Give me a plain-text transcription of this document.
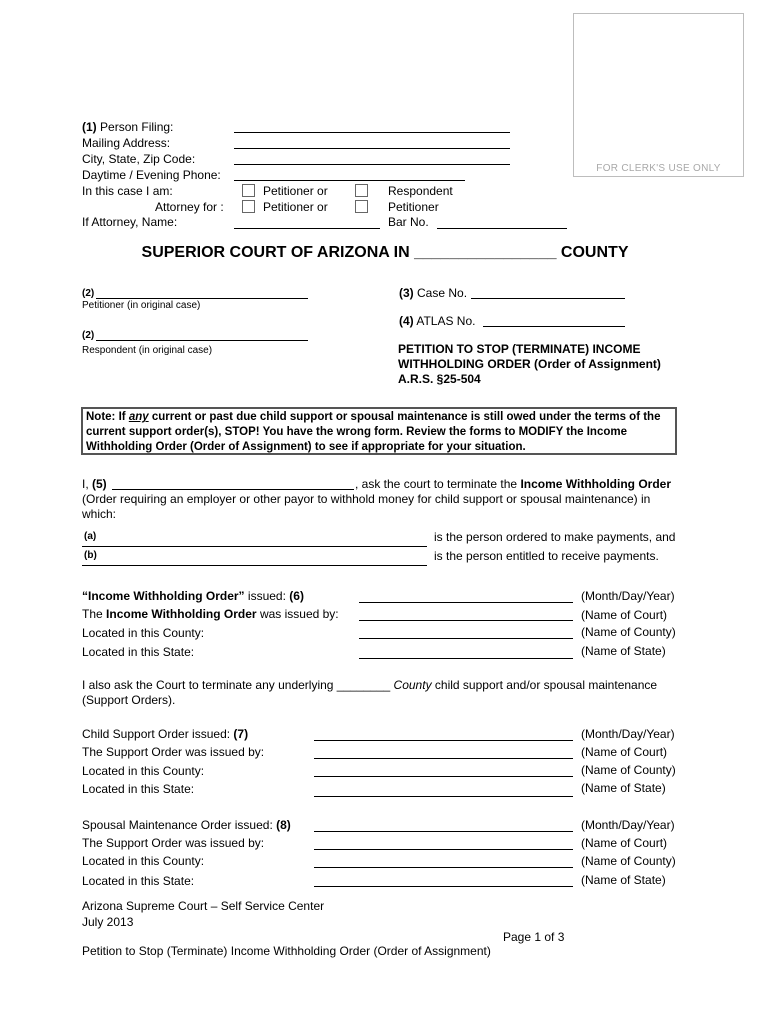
FOR CLERK'S USE ONLY
(1) Person Filing:
Mailing Address:
City, State, Zip Code:
Daytime / Evening Phone:
In this case I am:	Petitioner or	Respondent
Attorney for :	Petitioner or	Petitioner
If Attorney, Name:	Bar No.
SUPERIOR COURT OF ARIZONA IN ________________ COUNTY
(2)
Petitioner (in original case)
(2)
Respondent (in original case)
(3) Case No.
(4) ATLAS No.
PETITION TO STOP (TERMINATE) INCOME
WITHHOLDING ORDER (Order of Assignment)
A.R.S. §25-504
Note: If any current or past due child support or spousal maintenance is still owed under the terms of the current support order(s), STOP! You have the wrong form. Review the forms to MODIFY the Income Withholding Order (Order of Assignment) to see if appropriate for your situation.
I, (5)	, ask the court to terminate the Income Withholding Order
(Order requiring an employer or other payor to withhold money for child support or spousal maintenance) in
which:
(a)	is the person ordered to make payments, and
(b)	is the person entitled to receive payments.
“Income Withholding Order” issued: (6)	(Month/Day/Year)
The Income Withholding Order was issued by:	(Name of Court)
Located in this County:	(Name of County)
Located in this State:	(Name of State)
I also ask the Court to terminate any underlying ________ County child support and/or spousal maintenance
(Support Orders).
Child Support Order issued: (7)	(Month/Day/Year)
The Support Order was issued by:	(Name of Court)
Located in this County:	(Name of County)
Located in this State:	(Name of State)
Spousal Maintenance Order issued: (8)	(Month/Day/Year)
The Support Order was issued by:	(Name of Court)
Located in this County:	(Name of County)
Located in this State:	(Name of State)
Arizona Supreme Court – Self Service Center
July 2013
Page 1 of 3
Petition to Stop (Terminate) Income Withholding Order (Order of Assignment)
